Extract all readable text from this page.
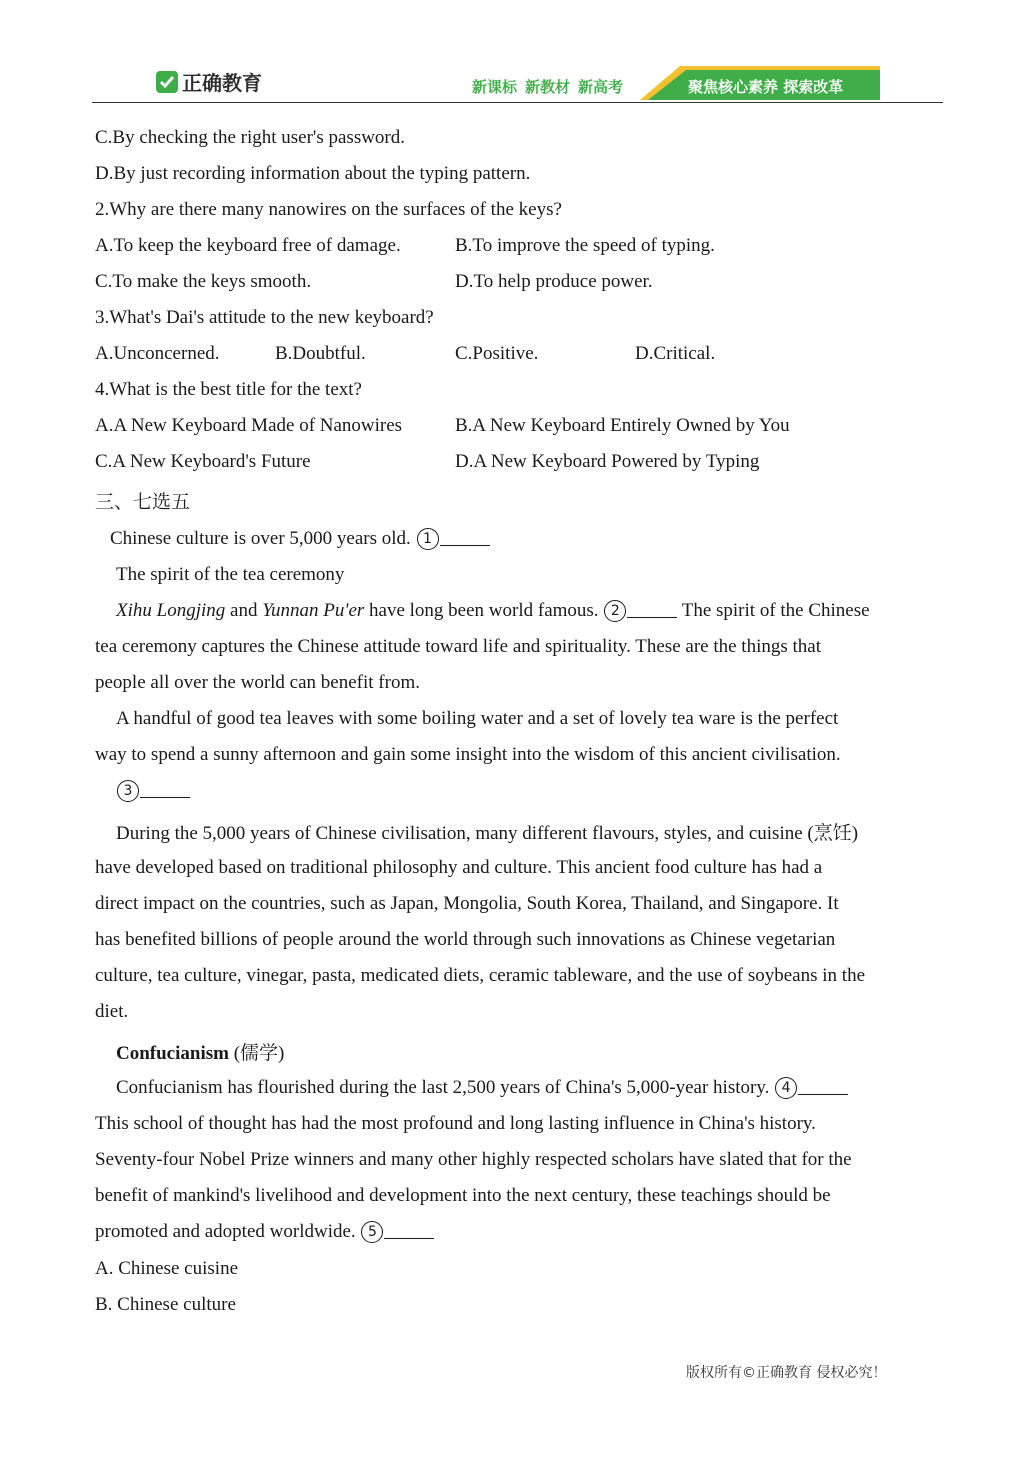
正确教育	新课标 新教材 新高考	聚焦核心素养 探索改革
C.By checking the right user's password.
D.By just recording information about the typing pattern.
2.Why are there many nanowires on the surfaces of the keys?
A.To keep the keyboard free of damage.	B.To improve the speed of typing.
C.To make the keys smooth.	D.To help produce power.
3.What's Dai's attitude to the new keyboard?
A.Unconcerned.	B.Doubtful.	C.Positive.	D.Critical.
4.What is the best title for the text?
A.A New Keyboard Made of Nanowires	B.A New Keyboard Entirely Owned by You
C.A New Keyboard's Future	D.A New Keyboard Powered by Typing
三、七选五
Chinese culture is over 5,000 years old. 1
The spirit of the tea ceremony
Xihu Longjing and Yunnan Pu'er have long been world famous. 2	The spirit of the Chinese
tea ceremony captures the Chinese attitude toward life and spirituality. These are the things that
people all over the world can benefit from.
A handful of good tea leaves with some boiling water and a set of lovely tea ware is the perfect
way to spend a sunny afternoon and gain some insight into the wisdom of this ancient civilisation.
3
During the 5,000 years of Chinese civilisation, many different flavours, styles, and cuisine (烹饪)
have developed based on traditional philosophy and culture. This ancient food culture has had a
direct impact on the countries, such as Japan, Mongolia, South Korea, Thailand, and Singapore. It
has benefited billions of people around the world through such innovations as Chinese vegetarian
culture, tea culture, vinegar, pasta, medicated diets, ceramic tableware, and the use of soybeans in the
diet.
Confucianism (儒学)
Confucianism has flourished during the last 2,500 years of China's 5,000-year history. 4
This school of thought has had the most profound and long lasting influence in China's history.
Seventy-four Nobel Prize winners and many other highly respected scholars have slated that for the
benefit of mankind's livelihood and development into the next century, these teachings should be
promoted and adopted worldwide. 5
A. Chinese cuisine
B. Chinese culture
版权所有©正确教育 侵权必究！
